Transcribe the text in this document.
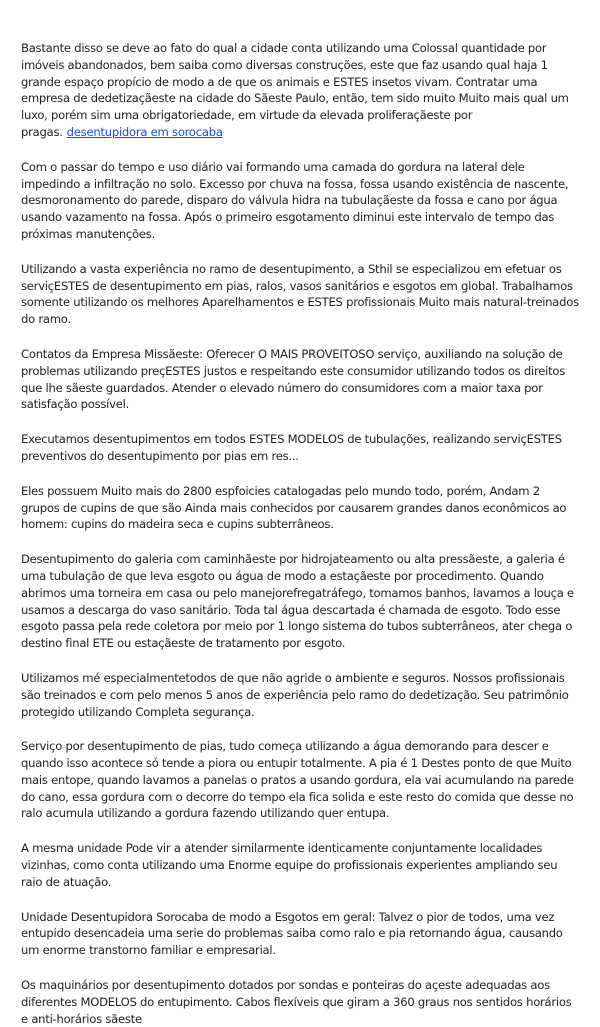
Bastante disso se deve ao fato do qual a cidade conta utilizando uma Colossal quantidade por imóveis abandonados, bem saiba como diversas construções, este que faz usando qual haja 1 grande espaço propício de modo a de que os animais e ESTES insetos vivam. Contratar uma empresa de dedetizaçãeste na cidade do Sãeste Paulo, então, tem sido muito Muito mais qual um luxo, porém sim uma obrigatoriedade, em virtude da elevada proliferaçãeste por pragas. desentupidora em sorocaba

Com o passar do tempo e uso diário vai formando uma camada do gordura na lateral dele impedindo a infiltração no solo. Excesso por chuva na fossa, fossa usando existência de nascente, desmoronamento do parede, disparo do válvula hidra na tubulaçãeste da fossa e cano por água usando vazamento na fossa. Após o primeiro esgotamento diminui este intervalo de tempo das próximas manutenções.

Utilizando a vasta experiência no ramo de desentupimento, a Sthil se especializou em efetuar os serviçESTES de desentupimento em pias, ralos, vasos sanitários e esgotos em global. Trabalhamos somente utilizando os melhores Aparelhamentos e ESTES profissionais Muito mais natural-treinados do ramo.

Contatos da Empresa Missãeste: Oferecer O MAIS PROVEITOSO serviço, auxiliando na solução de problemas utilizando preçESTES justos e respeitando este consumidor utilizando todos os direitos que lhe sãeste guardados. Atender o elevado número do consumidores com a maior taxa por satisfação possível.

Executamos desentupimentos em todos ESTES MODELOS de tubulações, realizando serviçESTES preventivos do desentupimento por pias em res...

Eles possuem Muito mais do 2800 espfoicies catalogadas pelo mundo todo, porém, Andam 2 grupos de cupins de que são Ainda mais conhecidos por causarem grandes danos econômicos ao homem: cupins do madeira seca e cupins subterrâneos.

Desentupimento do galeria com caminhãeste por hidrojateamento ou alta pressãeste, a galeria é uma tubulação de que leva esgoto ou água de modo a estaçãeste por procedimento. Quando abrimos uma torneira em casa ou pelo manejorefregatráfego, tomamos banhos, lavamos a louça e usamos a descarga do vaso sanitário. Toda tal água descartada é chamada de esgoto. Todo esse esgoto passa pela rede coletora por meio por 1 longo sistema do tubos subterrâneos, ater chega o destino final ETE ou estaçãeste de tratamento por esgoto.

Utilizamos mé especialmentetodos de que não agride o ambiente e seguros. Nossos profissionais são treinados e com pelo menos 5 anos de experiência pelo ramo do dedetização. Seu patrimônio protegido utilizando Completa segurança.

Serviço por desentupimento de pias, tudo começa utilizando a água demorando para descer e quando isso acontece só tende a piora ou entupir totalmente. A pia é 1 Destes ponto de que Muito mais entope, quando lavamos a panelas o pratos a usando gordura, ela vai acumulando na parede do cano, essa gordura com o decorre do tempo ela fica solida e este resto do comida que desse no ralo acumula utilizando a gordura fazendo utilizando quer entupa.

A mesma unidade Pode vir a atender similarmente identicamente conjuntamente localidades vizinhas, como conta utilizando uma Enorme equipe do profissionais experientes ampliando seu raio de atuação.

Unidade Desentupidora Sorocaba de modo a Esgotos em geral: Talvez o pior de todos, uma vez entupido desencadeia uma serie do problemas saiba como ralo e pia retornando água, causando um enorme transtorno familiar e empresarial.

Os maquinários por desentupimento dotados por sondas e ponteiras do açeste adequadas aos diferentes MODELOS do entupimento. Cabos flexíveis que giram a 360 graus nos sentidos horários e anti-horários sãeste
